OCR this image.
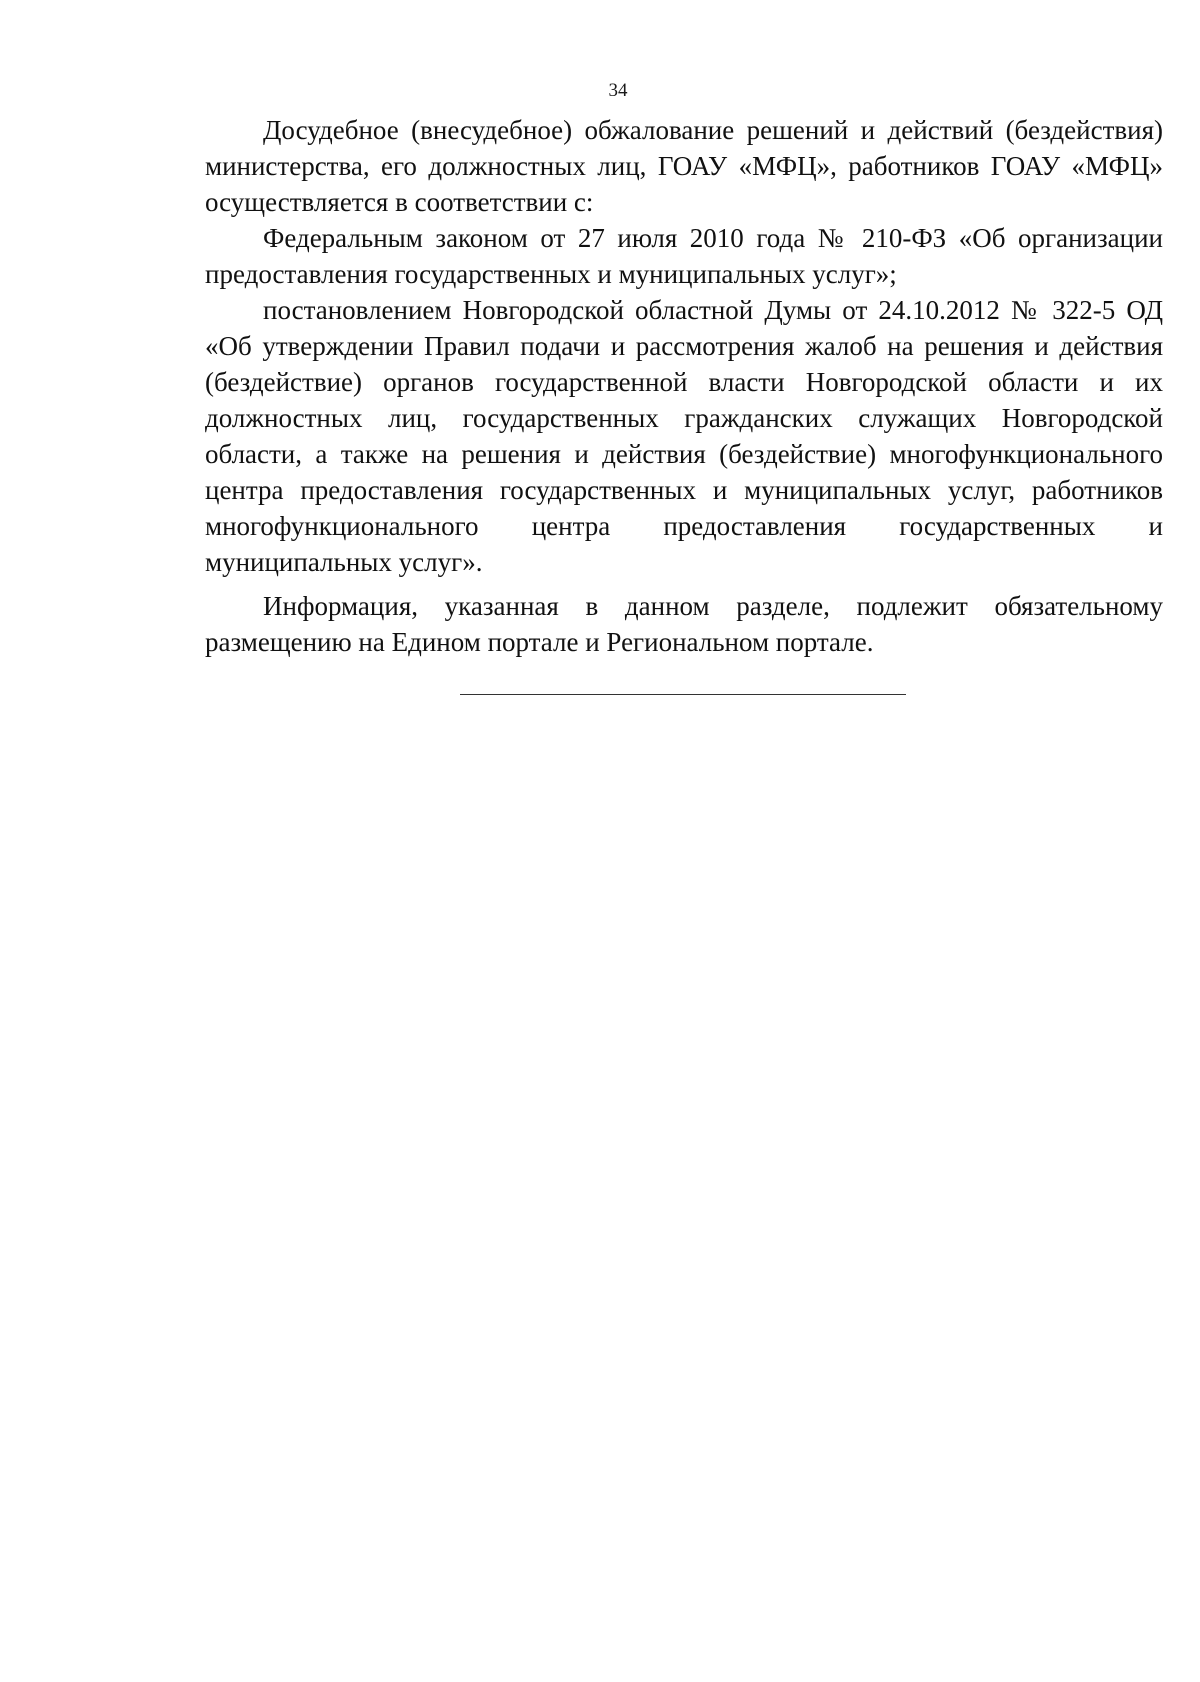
34

Досудебное (внесудебное) обжалование решений и действий (бездействия) министерства, его должностных лиц, ГОАУ «МФЦ», работников ГОАУ «МФЦ» осуществляется в соответствии с:

Федеральным законом от 27 июля 2010 года № 210-ФЗ «Об организации предоставления государственных и муниципальных услуг»;

постановлением Новгородской областной Думы от 24.10.2012 № 322-5 ОД «Об утверждении Правил подачи и рассмотрения жалоб на решения и действия (бездействие) органов государственной власти Новгородской области и их должностных лиц, государственных гражданских служащих Новгородской области, а также на решения и действия (бездействие) многофункционального центра предоставления государственных и муниципальных услуг, работников многофункционального центра предоставления государственных и муниципальных услуг».

Информация, указанная в данном разделе, подлежит обязательному размещению на Едином портале и Региональном портале.
